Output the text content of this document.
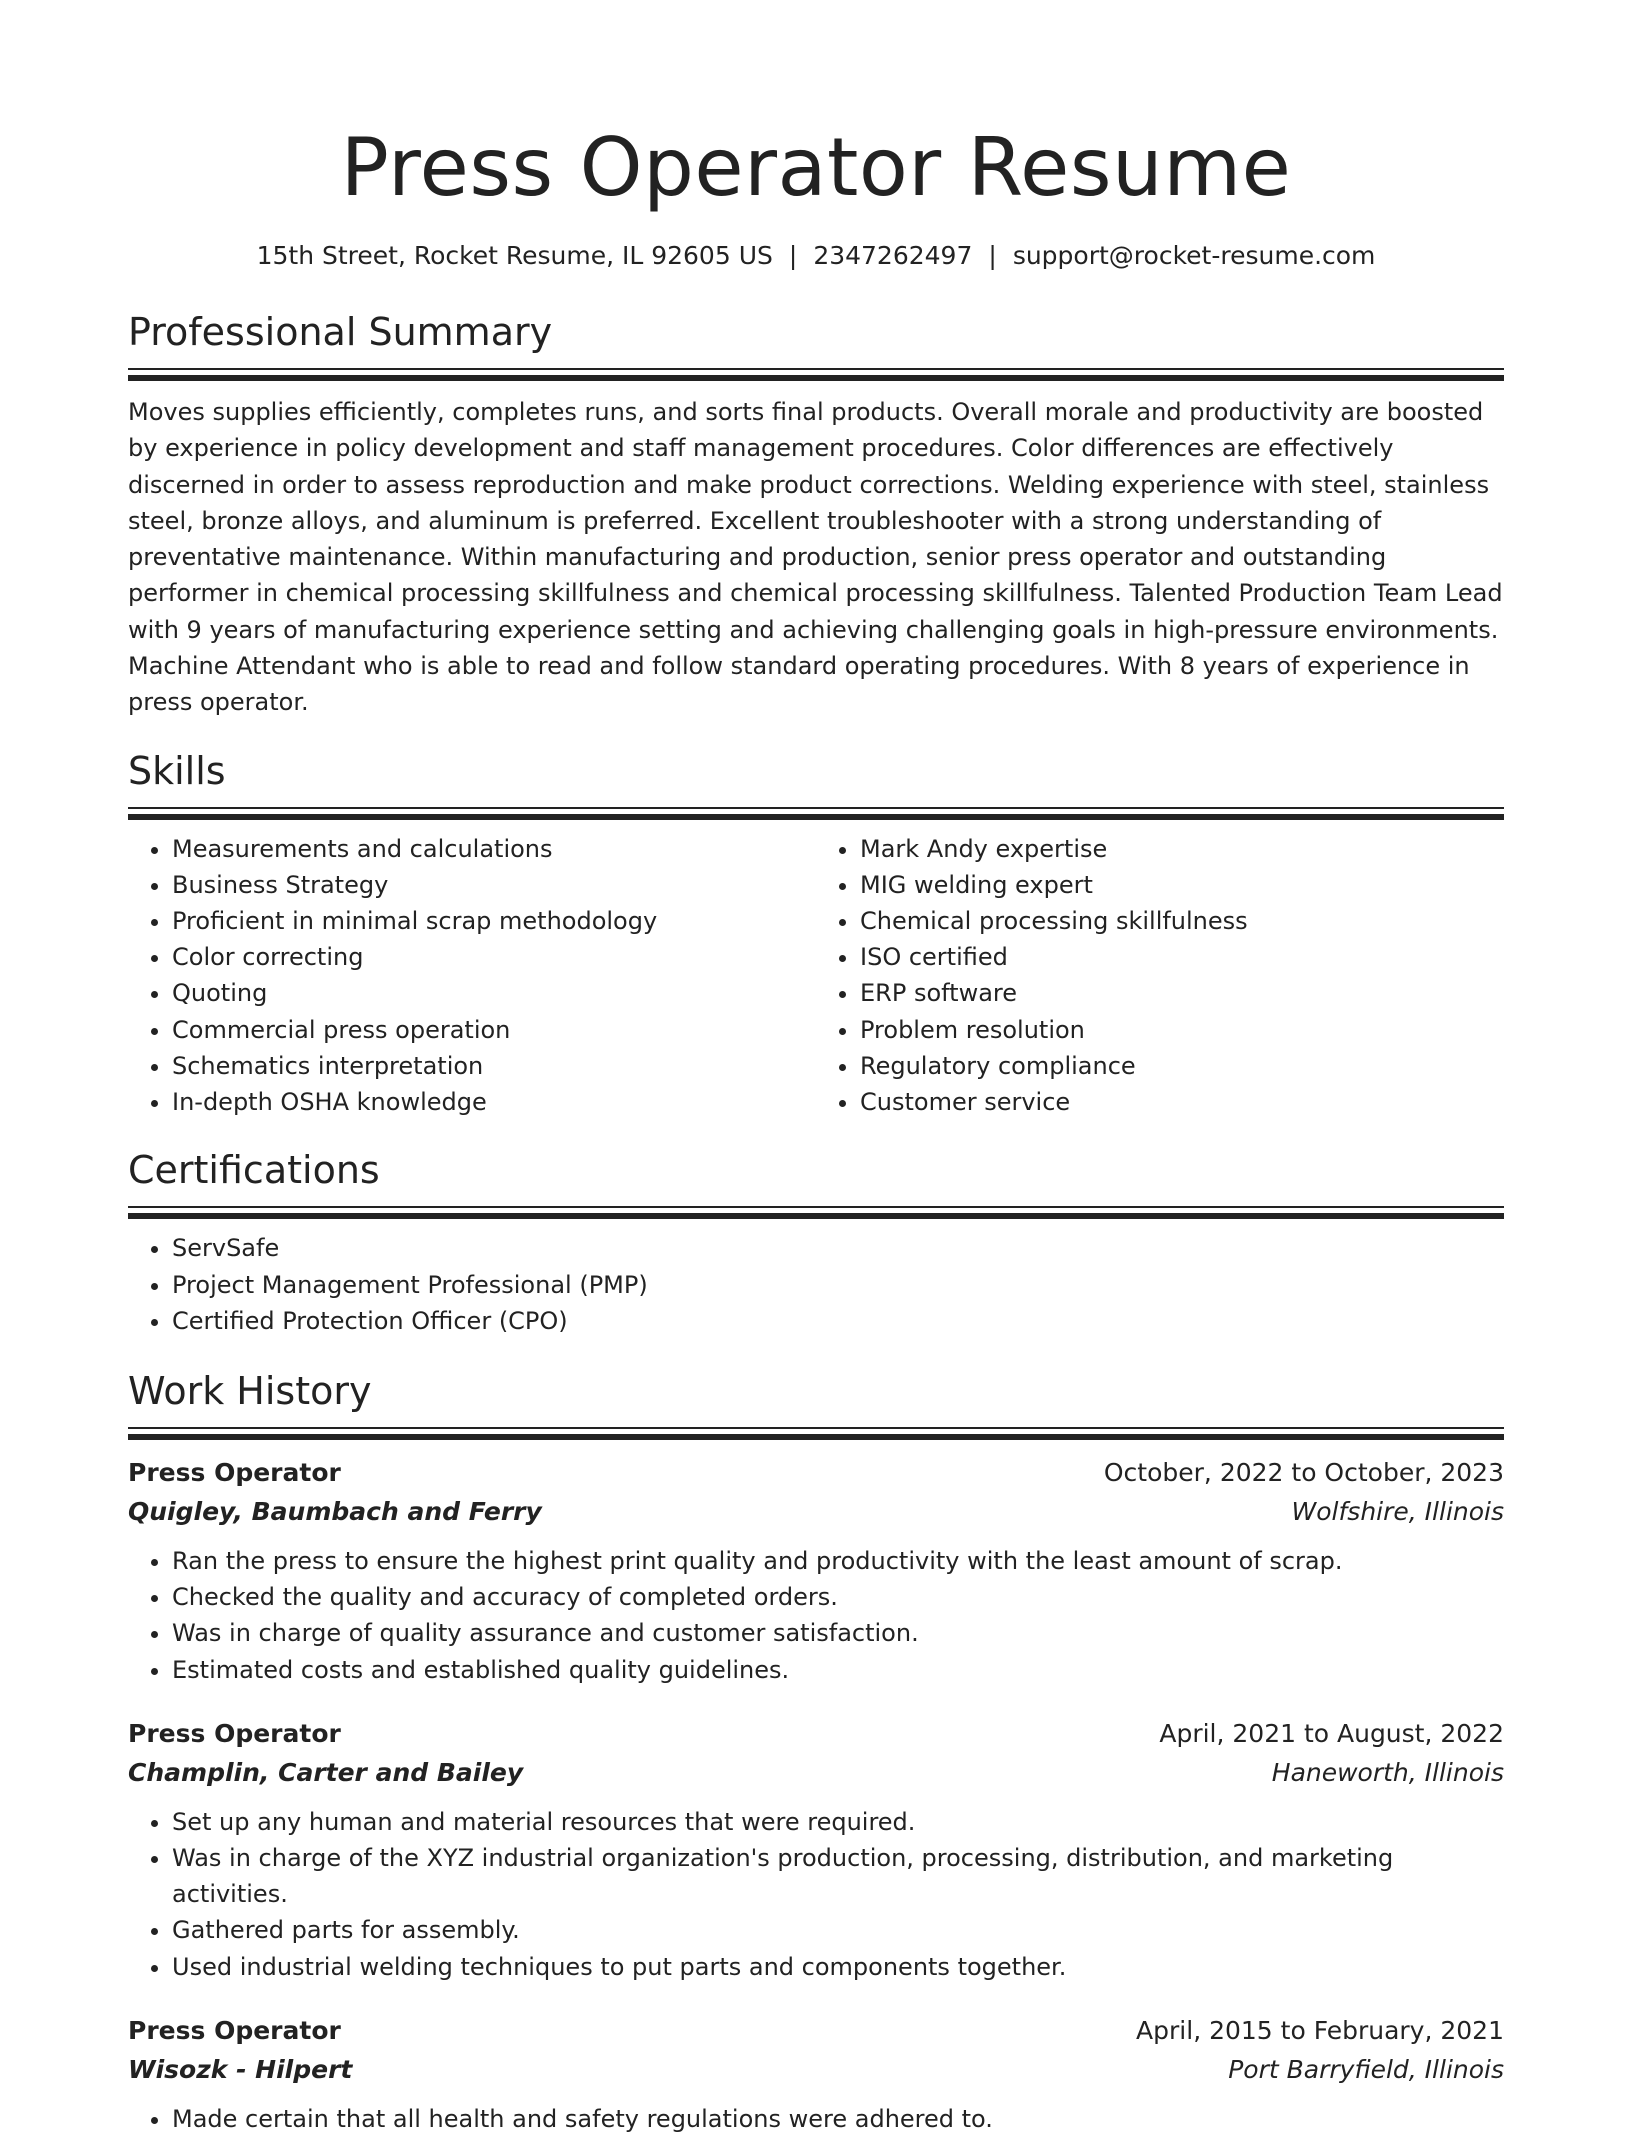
Press Operator Resume
15th Street, Rocket Resume, IL 92605 US | 2347262497 | support@rocket-resume.com
Professional Summary

Moves supplies efficiently, completes runs, and sorts final products. Overall morale and productivity are boosted by experience in policy development and staff management procedures. Color differences are effectively discerned in order to assess reproduction and make product corrections. Welding experience with steel, stainless steel, bronze alloys, and aluminum is preferred. Excellent troubleshooter with a strong understanding of preventative maintenance. Within manufacturing and production, senior press operator and outstanding performer in chemical processing skillfulness and chemical processing skillfulness. Talented Production Team Lead with 9 years of manufacturing experience setting and achieving challenging goals in high-pressure environments. Machine Attendant who is able to read and follow standard operating procedures. With 8 years of experience in press operator.

Skills
• Measurements and calculations
• Business Strategy
• Proficient in minimal scrap methodology
• Color correcting
• Quoting
• Commercial press operation
• Schematics interpretation
• In-depth OSHA knowledge
• Mark Andy expertise
• MIG welding expert
• Chemical processing skillfulness
• ISO certified
• ERP software
• Problem resolution
• Regulatory compliance
• Customer service
Certifications
• ServSafe
• Project Management Professional (PMP)
• Certified Protection Officer (CPO)
Work History
Press Operator	October, 2022 to October, 2023
Quigley, Baumbach and Ferry	Wolfshire, Illinois
• Ran the press to ensure the highest print quality and productivity with the least amount of scrap.
• Checked the quality and accuracy of completed orders.
• Was in charge of quality assurance and customer satisfaction.
• Estimated costs and established quality guidelines.
Press Operator	April, 2021 to August, 2022
Champlin, Carter and Bailey	Haneworth, Illinois
• Set up any human and material resources that were required.
• Was in charge of the XYZ industrial organization's production, processing, distribution, and marketing activities.
• Gathered parts for assembly.
• Used industrial welding techniques to put parts and components together.
Press Operator	April, 2015 to February, 2021
Wisozk - Hilpert	Port Barryfield, Illinois
• Made certain that all health and safety regulations were adhered to.
